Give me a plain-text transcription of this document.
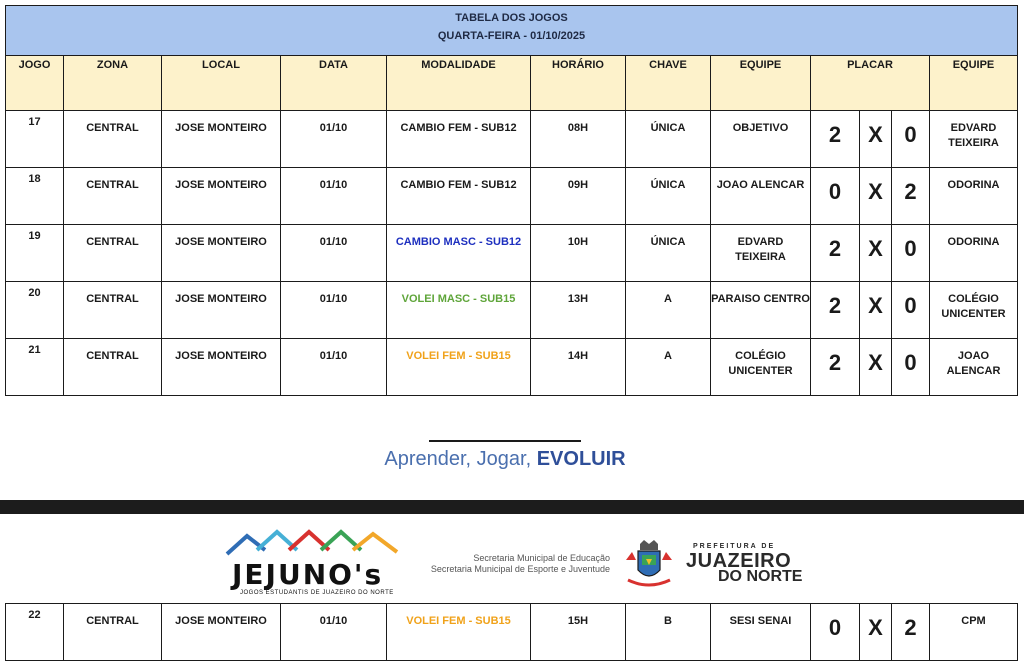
TABELA DOS JOGOS
QUARTA-FEIRA - 01/10/2025											

JOGO	ZONA	LOCAL	DATA	MODALIDADE	HORÁRIO	CHAVE	EQUIPE	PLACAR			EQUIPE
17	CENTRAL	JOSE MONTEIRO	01/10	CAMBIO FEM - SUB12	08H	ÚNICA	OBJETIVO	2	X	0	EDVARD TEIXEIRA
18	CENTRAL	JOSE MONTEIRO	01/10	CAMBIO FEM - SUB12	09H	ÚNICA	JOAO ALENCAR	0	X	2	ODORINA
19	CENTRAL	JOSE MONTEIRO	01/10	CAMBIO MASC - SUB12	10H	ÚNICA	EDVARD TEIXEIRA	2	X	0	ODORINA
20	CENTRAL	JOSE MONTEIRO	01/10	VOLEI MASC - SUB15	13H	A	PARAISO CENTRO	2	X	0	COLÉGIO UNICENTER
21	CENTRAL	JOSE MONTEIRO	01/10	VOLEI FEM - SUB15	14H	A	COLÉGIO UNICENTER	2	X	0	JOAO ALENCAR
Aprender, Jogar, EVOLUIR
JEJUNO's
JOGOS ESTUDANTIS DE JUAZEIRO DO NORTE
Secretaria Municipal de Educação
Secretaria Municipal de Esporte e Juventude
PREFEITURA DE
JUAZEIRO
DO NORTE
22	CENTRAL	JOSE MONTEIRO	01/10	VOLEI FEM - SUB15	15H	B	SESI SENAI	0	X	2	CPM
